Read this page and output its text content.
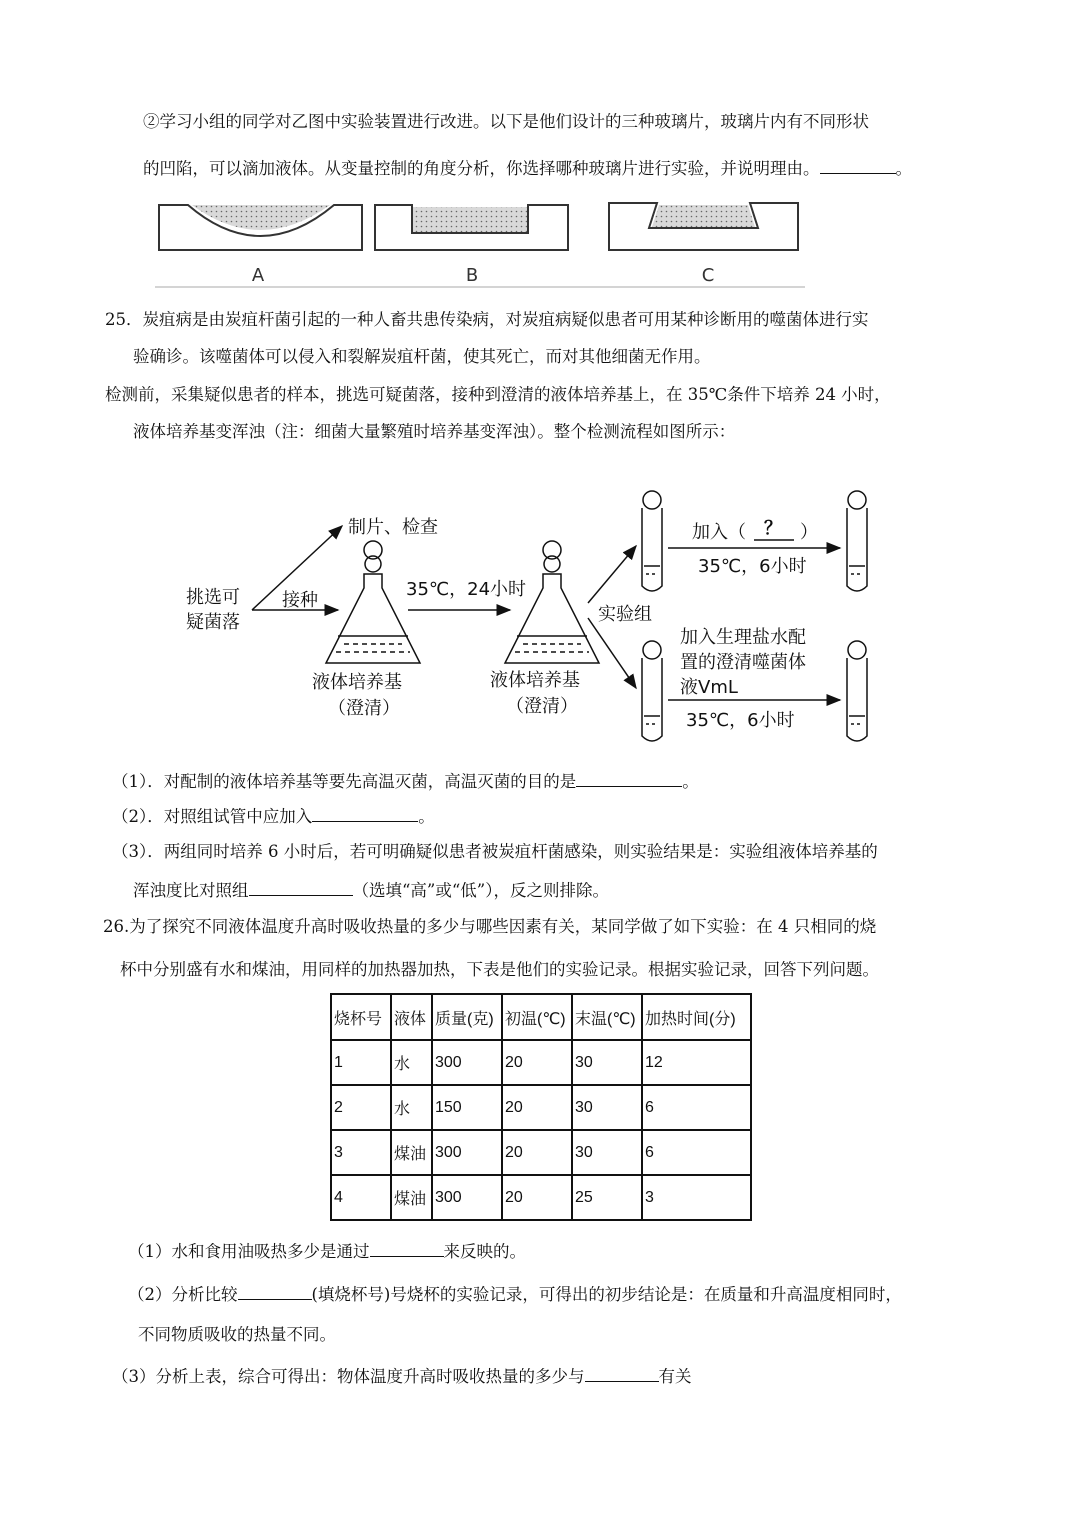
②学习小组的同学对乙图中实验装置进行改进。以下是他们设计的三种玻璃片，玻璃片内有不同形状
的凹陷，可以滴加液体。从变量控制的角度分析，你选择哪种玻璃片进行实验，并说明理由。	。
A	B	C
25．炭疽病是由炭疽杆菌引起的一种人畜共患传染病，对炭疽病疑似患者可用某种诊断用的噬菌体进行实
验确诊。该噬菌体可以侵入和裂解炭疽杆菌，使其死亡，而对其他细菌无作用。
检测前，采集疑似患者的样本，挑选可疑菌落，接种到澄清的液体培养基上，在 35℃条件下培养 24 小时，
液体培养基变浑浊（注：细菌大量繁殖时培养基变浑浊）。整个检测流程如图所示：
挑选可
疑菌落
制片、检查
接种
液体培养基
（澄清）
35℃，24小时
液体培养基
（澄清）
实验组
加入（ ？ ）
35℃，6小时
加入生理盐水配
置的澄清噬菌体
液VmL
35℃，6小时
（1）．对配制的液体培养基等要先高温灭菌，高温灭菌的目的是	。
（2）．对照组试管中应加入	。
（3）．两组同时培养 6 小时后，若可明确疑似患者被炭疽杆菌感染，则实验结果是：实验组液体培养基的
浑浊度比对照组	（选填“高”或“低”），反之则排除。
26.为了探究不同液体温度升高时吸收热量的多少与哪些因素有关，某同学做了如下实验：在 4 只相同的烧
杯中分别盛有水和煤油，用同样的加热器加热，下表是他们的实验记录。根据实验记录，回答下列问题。
烧杯号	液体	质量(克)	初温(℃)	末温(℃)	加热时间(分)
1	水	300	20	30	12
2	水	150	20	30	6
3	煤油	300	20	30	6
4	煤油	300	20	25	3
（1）水和食用油吸热多少是通过	来反映的。
（2）分析比较	(填烧杯号)号烧杯的实验记录，可得出的初步结论是：在质量和升高温度相同时，
不同物质吸收的热量不同。
（3）分析上表，综合可得出：物体温度升高时吸收热量的多少与	有关
